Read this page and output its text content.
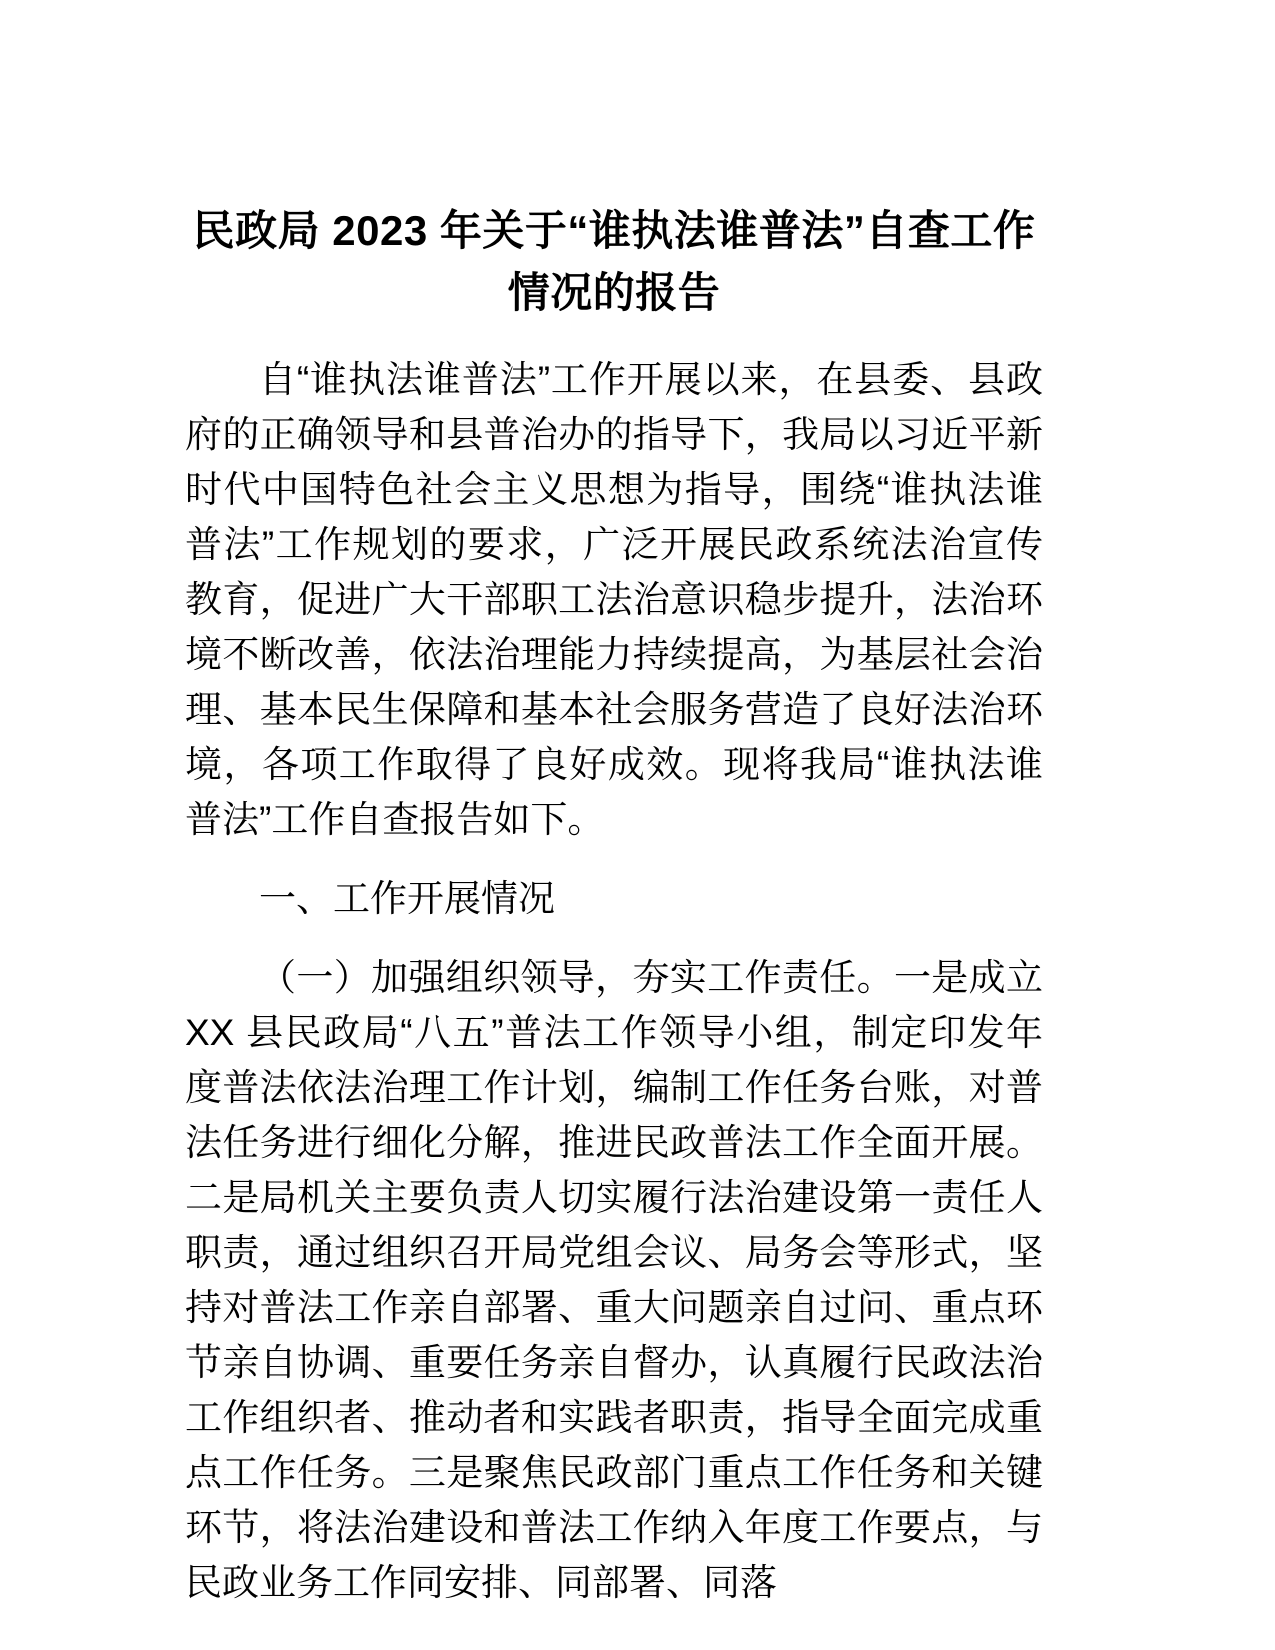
民政局 2023 年关于“谁执法谁普法”自查工作情况的报告

自“谁执法谁普法”工作开展以来，在县委、县政府的正确领导和县普治办的指导下，我局以习近平新时代中国特色社会主义思想为指导，围绕“谁执法谁普法”工作规划的要求，广泛开展民政系统法治宣传教育，促进广大干部职工法治意识稳步提升，法治环境不断改善，依法治理能力持续提高，为基层社会治理、基本民生保障和基本社会服务营造了良好法治环境，各项工作取得了良好成效。现将我局“谁执法谁普法”工作自查报告如下。

一、工作开展情况

（一）加强组织领导，夯实工作责任。一是成立 XX 县民政局“八五”普法工作领导小组，制定印发年度普法依法治理工作计划，编制工作任务台账，对普法任务进行细化分解，推进民政普法工作全面开展。二是局机关主要负责人切实履行法治建设第一责任人职责，通过组织召开局党组会议、局务会等形式，坚持对普法工作亲自部署、重大问题亲自过问、重点环节亲自协调、重要任务亲自督办，认真履行民政法治工作组织者、推动者和实践者职责，指导全面完成重点工作任务。三是聚焦民政部门重点工作任务和关键环节，将法治建设和普法工作纳入年度工作要点，与民政业务工作同安排、同部署、同落
